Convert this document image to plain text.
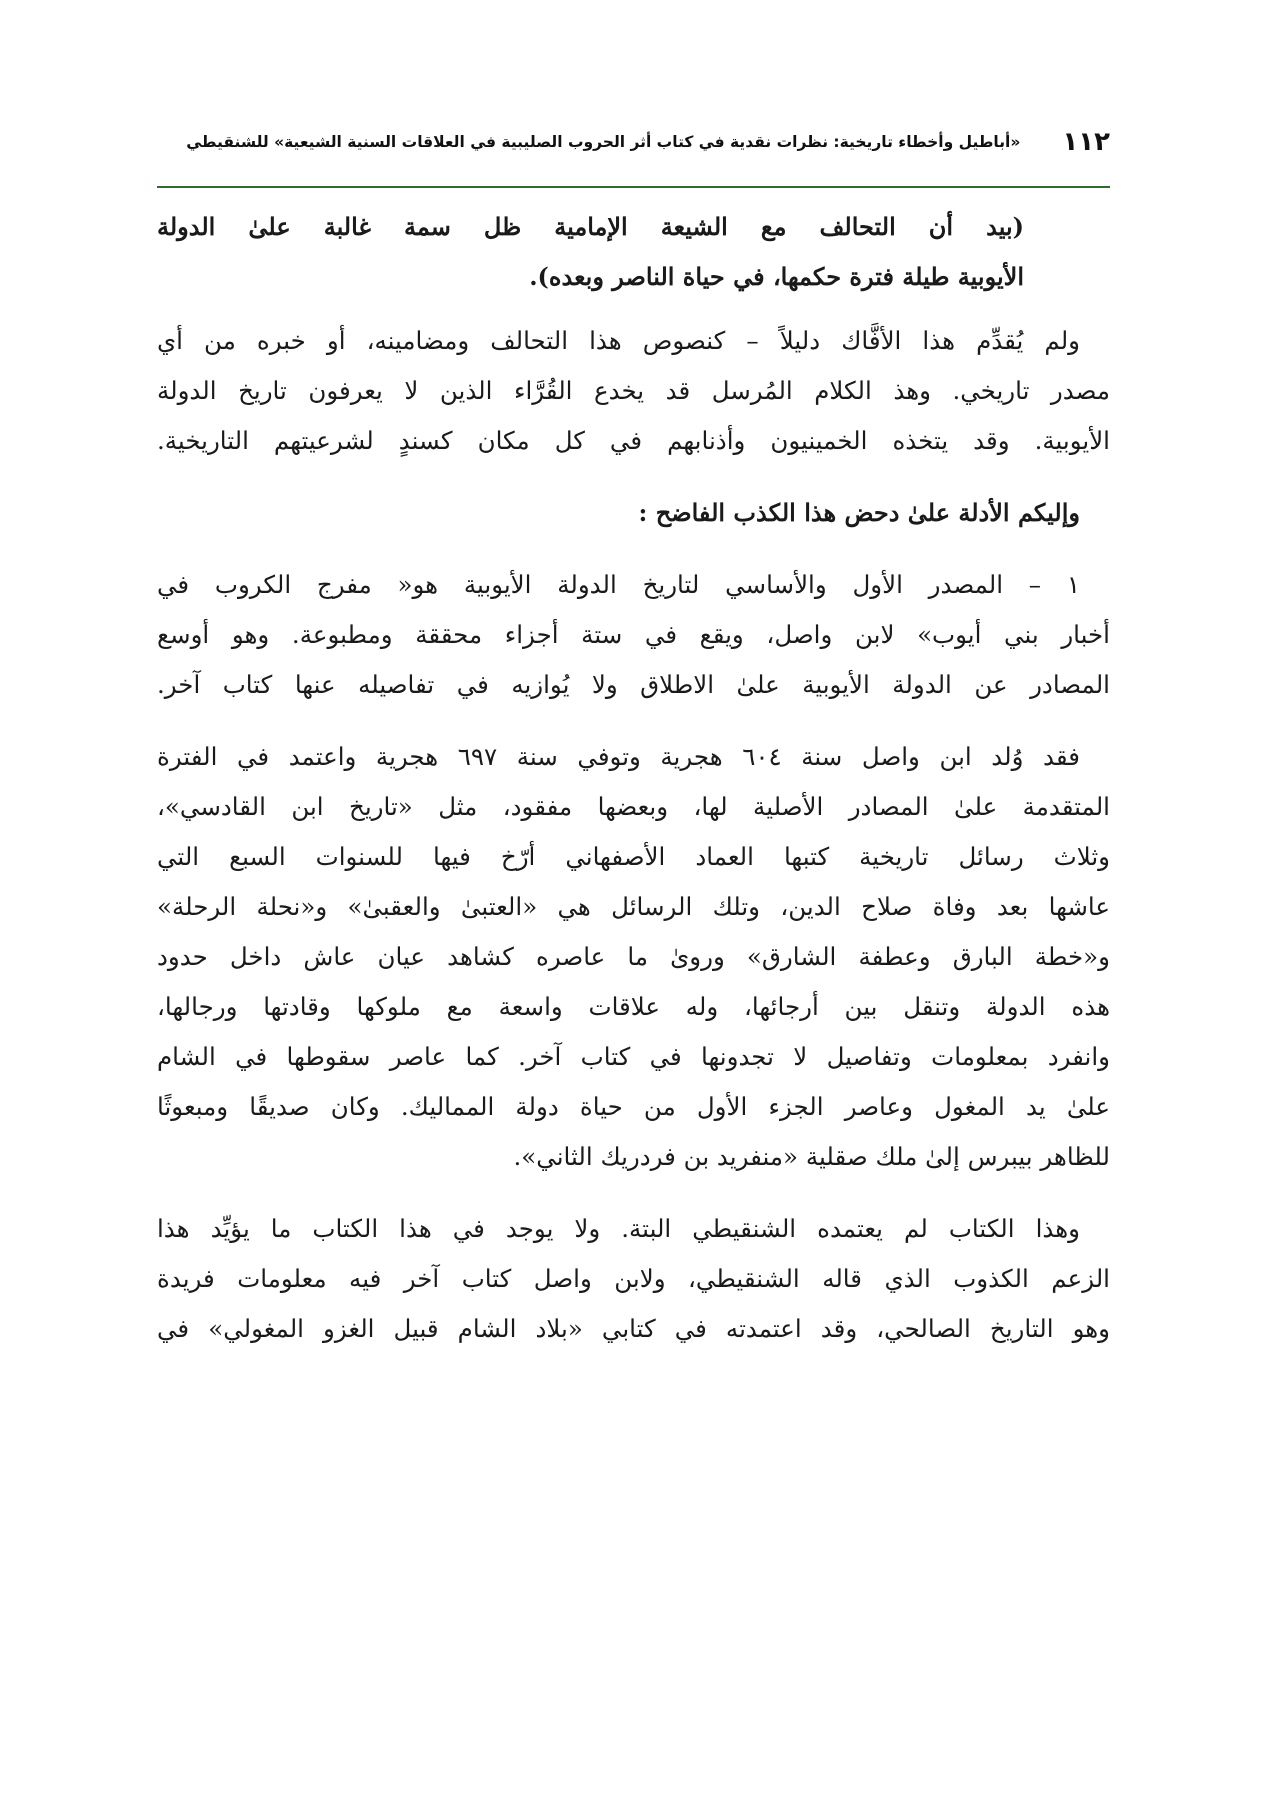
١١٢
«أباطيل وأخطاء تاريخية: نظرات نقدية في كتاب أثر الحروب الصليبية في العلاقات السنية الشيعية» للشنقيطي
(بيد أن التحالف مع الشيعة الإمامية ظل سمة غالبة علىٰ الدولة
الأيوبية طيلة فترة حكمها، في حياة الناصر وبعده).
ولم يُقدِّم هذا الأفَّاك دليلاً – كنصوص هذا التحالف ومضامينه، أو خبره من أي
مصدر تاريخي. وهذ الكلام المُرسل قد يخدع القُرَّاء الذين لا يعرفون تاريخ الدولة
الأيوبية. وقد يتخذه الخمينيون وأذنابهم في كل مكان كسندٍ لشرعيتهم التاريخية.
وإليكم الأدلة علىٰ دحض هذا الكذب الفاضح :
١ – المصدر الأول والأساسي لتاريخ الدولة الأيوبية هو« مفرج الكروب في
أخبار بني أيوب» لابن واصل، ويقع في ستة أجزاء محققة ومطبوعة. وهو أوسع
المصادر عن الدولة الأيوبية علىٰ الاطلاق ولا يُوازيه في تفاصيله عنها كتاب آخر.
فقد وُلد ابن واصل سنة ٦٠٤ هجرية وتوفي سنة ٦٩٧ هجرية واعتمد في الفترة
المتقدمة علىٰ المصادر الأصلية لها، وبعضها مفقود، مثل «تاريخ ابن القادسي»،
وثلاث رسائل تاريخية كتبها العماد الأصفهاني أرّخ فيها للسنوات السبع التي
عاشها بعد وفاة صلاح الدين، وتلك الرسائل هي «العتبىٰ والعقبىٰ» و«نحلة الرحلة»
و«خطة البارق وعطفة الشارق» وروىٰ ما عاصره كشاهد عيان عاش داخل حدود
هذه الدولة وتنقل بين أرجائها، وله علاقات واسعة مع ملوكها وقادتها ورجالها،
وانفرد بمعلومات وتفاصيل لا تجدونها في كتاب آخر. كما عاصر سقوطها في الشام
علىٰ يد المغول وعاصر الجزء الأول من حياة دولة المماليك. وكان صديقًا ومبعوثًا
للظاهر بيبرس إلىٰ ملك صقلية «منفريد بن فردريك الثاني».
وهذا الكتاب لم يعتمده الشنقيطي البتة. ولا يوجد في هذا الكتاب ما يؤيِّد هذا
الزعم الكذوب الذي قاله الشنقيطي، ولابن واصل كتاب آخر فيه معلومات فريدة
وهو التاريخ الصالحي، وقد اعتمدته في كتابي «بلاد الشام قبيل الغزو المغولي» في
